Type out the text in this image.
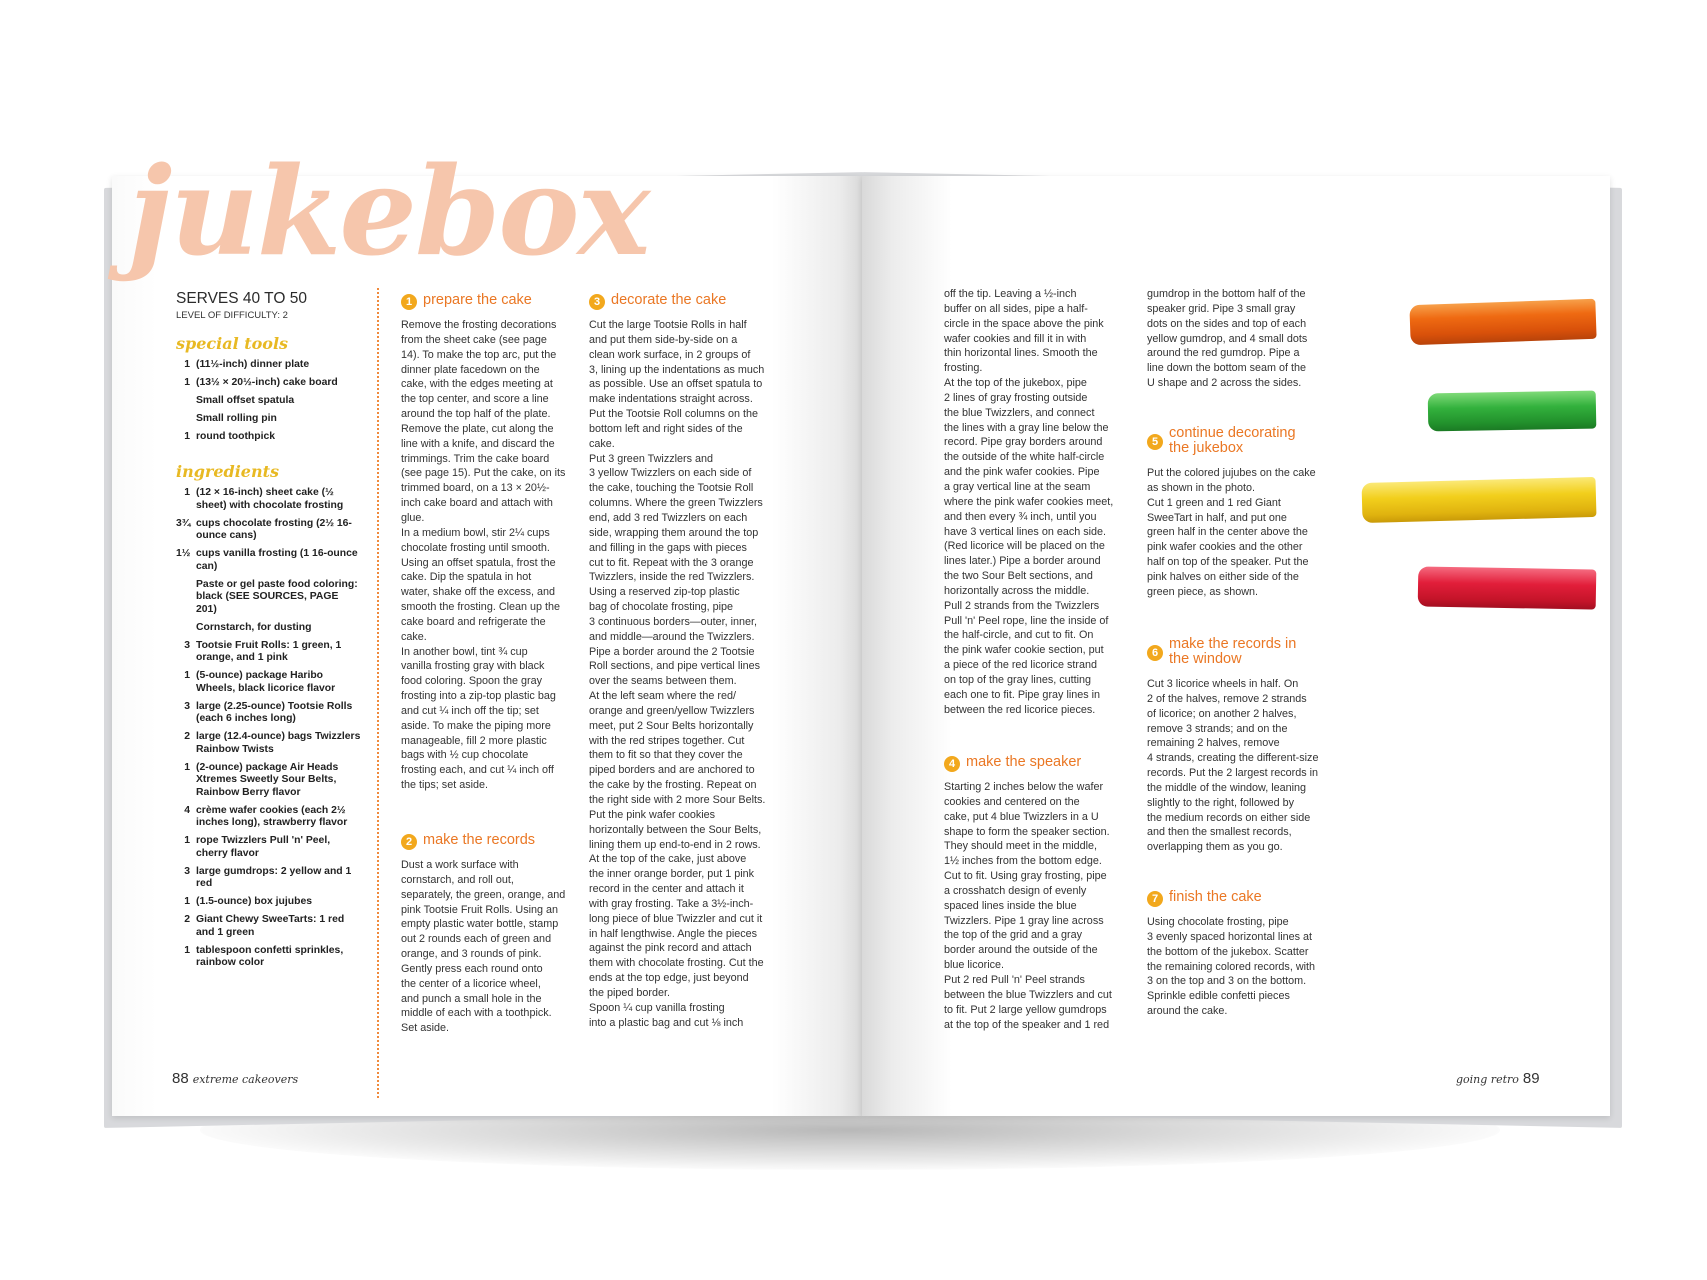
jukebox
SERVES 40 TO 50
LEVEL OF DIFFICULTY: 2
special tools
1 (11½-inch) dinner plate
1 (13½ × 20½-inch) cake board
Small offset spatula
Small rolling pin
1 round toothpick
ingredients
1 (12 × 16-inch) sheet cake (½ sheet) with chocolate frosting
3¾ cups chocolate frosting (2½ 16-ounce cans)
1½ cups vanilla frosting (1 16-ounce can)
Paste or gel paste food coloring: black (SEE SOURCES, PAGE 201)
Cornstarch, for dusting
3 Tootsie Fruit Rolls: 1 green, 1 orange, and 1 pink
1 (5-ounce) package Haribo Wheels, black licorice flavor
3 large (2.25-ounce) Tootsie Rolls (each 6 inches long)
2 large (12.4-ounce) bags Twizzlers Rainbow Twists
1 (2-ounce) package Air Heads Xtremes Sweetly Sour Belts, Rainbow Berry flavor
4 crème wafer cookies (each 2½ inches long), strawberry flavor
1 rope Twizzlers Pull 'n' Peel, cherry flavor
3 large gumdrops: 2 yellow and 1 red
1 (1.5-ounce) box jujubes
2 Giant Chewy SweeTarts: 1 red and 1 green
1 tablespoon confetti sprinkles, rainbow color
1 prepare the cake
Remove the frosting decorations
from the sheet cake (see page
14). To make the top arc, put the
dinner plate facedown on the
cake, with the edges meeting at
the top center, and score a line
around the top half of the plate.
Remove the plate, cut along the
line with a knife, and discard the
trimmings. Trim the cake board
(see page 15). Put the cake, on its
trimmed board, on a 13 × 20½-
inch cake board and attach with
glue.
In a medium bowl, stir 2¼ cups
chocolate frosting until smooth.
Using an offset spatula, frost the
cake. Dip the spatula in hot
water, shake off the excess, and
smooth the frosting. Clean up the
cake board and refrigerate the
cake.
In another bowl, tint ¾ cup
vanilla frosting gray with black
food coloring. Spoon the gray
frosting into a zip-top plastic bag
and cut ¼ inch off the tip; set
aside. To make the piping more
manageable, fill 2 more plastic
bags with ½ cup chocolate
frosting each, and cut ¼ inch off
the tips; set aside.
2 make the records
Dust a work surface with
cornstarch, and roll out,
separately, the green, orange, and
pink Tootsie Fruit Rolls. Using an
empty plastic water bottle, stamp
out 2 rounds each of green and
orange, and 3 rounds of pink.
Gently press each round onto
the center of a licorice wheel,
and punch a small hole in the
middle of each with a toothpick.
Set aside.
3 decorate the cake
Cut the large Tootsie Rolls in half
and put them side-by-side on a
clean work surface, in 2 groups of
3, lining up the indentations as much
as possible. Use an offset spatula to
make indentations straight across.
Put the Tootsie Roll columns on the
bottom left and right sides of the
cake.
Put 3 green Twizzlers and
3 yellow Twizzlers on each side of
the cake, touching the Tootsie Roll
columns. Where the green Twizzlers
end, add 3 red Twizzlers on each
side, wrapping them around the top
and filling in the gaps with pieces
cut to fit. Repeat with the 3 orange
Twizzlers, inside the red Twizzlers.
Using a reserved zip-top plastic
bag of chocolate frosting, pipe
3 continuous borders—outer, inner,
and middle—around the Twizzlers.
Pipe a border around the 2 Tootsie
Roll sections, and pipe vertical lines
over the seams between them.
At the left seam where the red/
orange and green/yellow Twizzlers
meet, put 2 Sour Belts horizontally
with the red stripes together. Cut
them to fit so that they cover the
piped borders and are anchored to
the cake by the frosting. Repeat on
the right side with 2 more Sour Belts.
Put the pink wafer cookies
horizontally between the Sour Belts,
lining them up end-to-end in 2 rows.
At the top of the cake, just above
the inner orange border, put 1 pink
record in the center and attach it
with gray frosting. Take a 3½-inch-
long piece of blue Twizzler and cut it
in half lengthwise. Angle the pieces
against the pink record and attach
them with chocolate frosting. Cut the
ends at the top edge, just beyond
the piped border.
Spoon ¼ cup vanilla frosting
into a plastic bag and cut ⅛ inch
off the tip. Leaving a ½-inch
buffer on all sides, pipe a half-
circle in the space above the pink
wafer cookies and fill it in with
thin horizontal lines. Smooth the
frosting.
At the top of the jukebox, pipe
2 lines of gray frosting outside
the blue Twizzlers, and connect
the lines with a gray line below the
record. Pipe gray borders around
the outside of the white half-circle
and the pink wafer cookies. Pipe
a gray vertical line at the seam
where the pink wafer cookies meet,
and then every ¾ inch, until you
have 3 vertical lines on each side.
(Red licorice will be placed on the
lines later.) Pipe a border around
the two Sour Belt sections, and
horizontally across the middle.
Pull 2 strands from the Twizzlers
Pull 'n' Peel rope, line the inside of
the half-circle, and cut to fit. On
the pink wafer cookie section, put
a piece of the red licorice strand
on top of the gray lines, cutting
each one to fit. Pipe gray lines in
between the red licorice pieces.
4 make the speaker
Starting 2 inches below the wafer
cookies and centered on the
cake, put 4 blue Twizzlers in a U
shape to form the speaker section.
They should meet in the middle,
1½ inches from the bottom edge.
Cut to fit. Using gray frosting, pipe
a crosshatch design of evenly
spaced lines inside the blue
Twizzlers. Pipe 1 gray line across
the top of the grid and a gray
border around the outside of the
blue licorice.
Put 2 red Pull 'n' Peel strands
between the blue Twizzlers and cut
to fit. Put 2 large yellow gumdrops
at the top of the speaker and 1 red
gumdrop in the bottom half of the
speaker grid. Pipe 3 small gray
dots on the sides and top of each
yellow gumdrop, and 4 small dots
around the red gumdrop. Pipe a
line down the bottom seam of the
U shape and 2 across the sides.
5
continue decorating the jukebox
Put the colored jujubes on the cake
as shown in the photo.
Cut 1 green and 1 red Giant
SweeTart in half, and put one
green half in the center above the
pink wafer cookies and the other
half on top of the speaker. Put the
pink halves on either side of the
green piece, as shown.
6
make the records in the window
Cut 3 licorice wheels in half. On
2 of the halves, remove 2 strands
of licorice; on another 2 halves,
remove 3 strands; and on the
remaining 2 halves, remove
4 strands, creating the different-size
records. Put the 2 largest records in
the middle of the window, leaning
slightly to the right, followed by
the medium records on either side
and then the smallest records,
overlapping them as you go.
7 finish the cake
Using chocolate frosting, pipe
3 evenly spaced horizontal lines at
the bottom of the jukebox. Scatter
the remaining colored records, with
3 on the top and 3 on the bottom.
Sprinkle edible confetti pieces
around the cake.
88 extreme cakeovers	going retro 89
